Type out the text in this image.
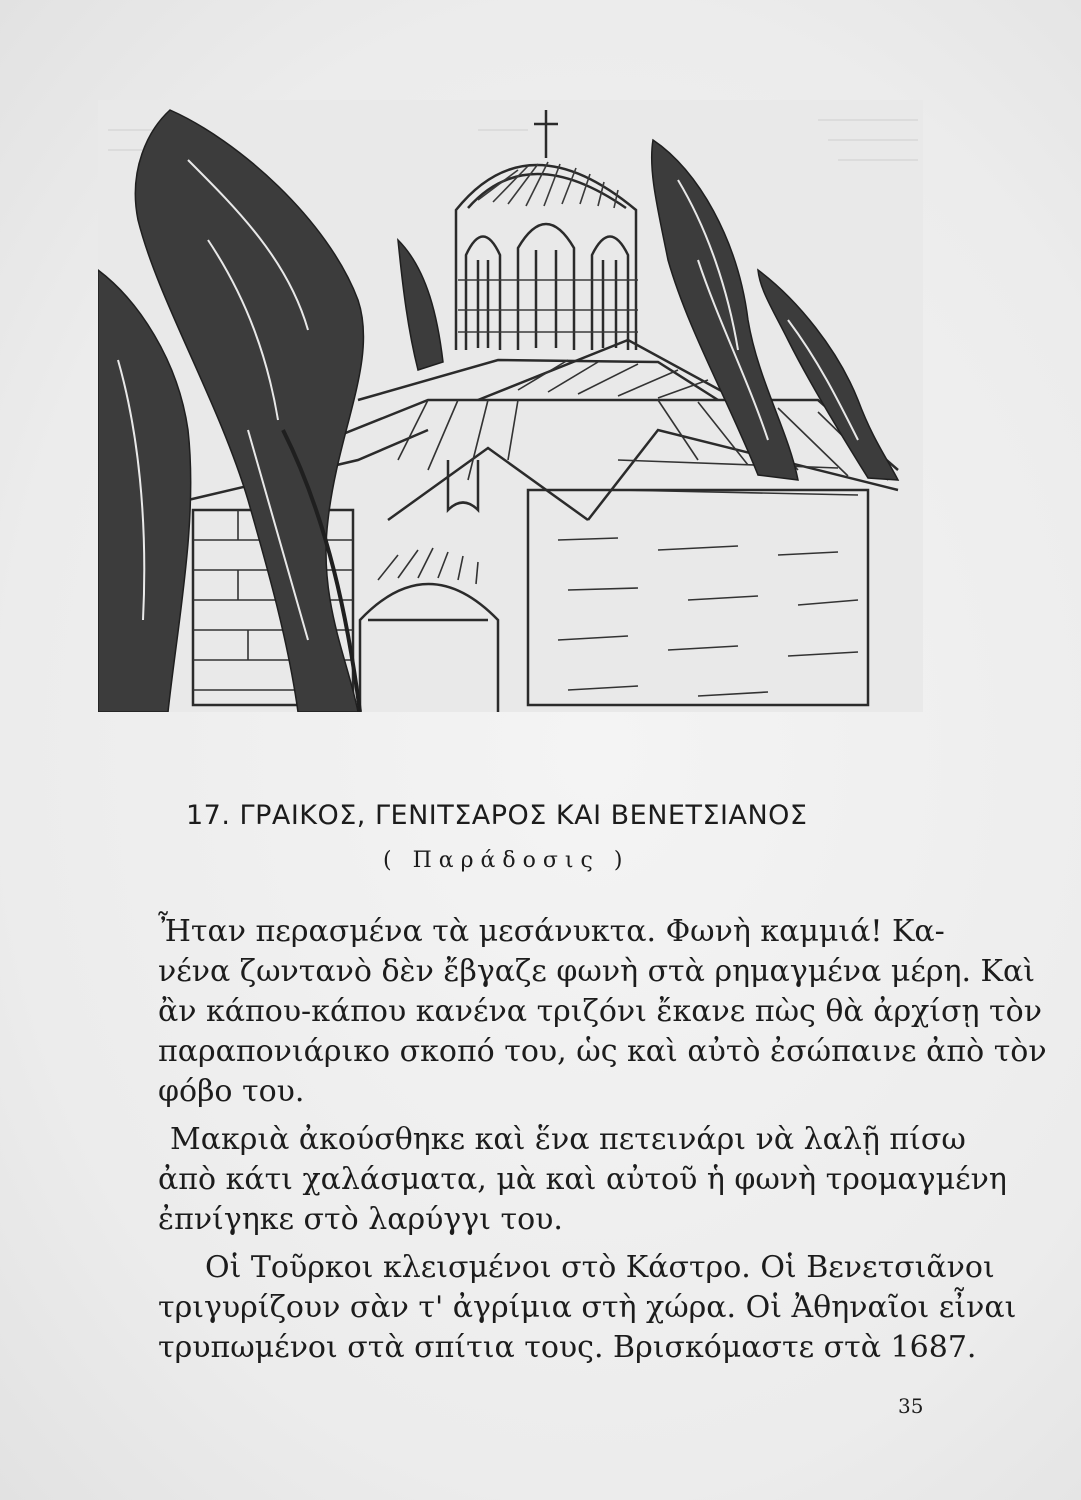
17. ΓΡΑΙΚΟΣ, ΓΕΝΙΤΣΑΡΟΣ ΚΑΙ ΒΕΝΕΤΣΙΑΝΟΣ
( Παράδοσις )
Ἦταν περασμένα τὰ μεσάνυκτα. Φωνὴ καμμιά! Κα-
νένα ζωντανὸ δὲν ἔβγαζε φωνὴ στὰ ρημαγμένα μέρη. Καὶ
ἂν κάπου-κάπου κανένα τριζόνι ἔκανε πὼς θὰ ἀρχίσῃ τὸν
παραπονιάρικο σκοπό του, ὡς καὶ αὐτὸ ἐσώπαινε ἀπὸ τὸν
φόβο του.
Μακριὰ ἀκούσθηκε καὶ ἕνα πετεινάρι νὰ λαλῇ πίσω
ἀπὸ κάτι χαλάσματα, μὰ καὶ αὐτοῦ ἡ φωνὴ τρομαγμένη
ἐπνίγηκε στὸ λαρύγγι του.
Οἱ Τοῦρκοι κλεισμένοι στὸ Κάστρο. Οἱ Βενετσιᾶνοι
τριγυρίζουν σὰν τ' ἀγρίμια στὴ χώρα. Οἱ Ἀθηναῖοι εἶναι
τρυπωμένοι στὰ σπίτια τους. Βρισκόμαστε στὰ 1687.
35
